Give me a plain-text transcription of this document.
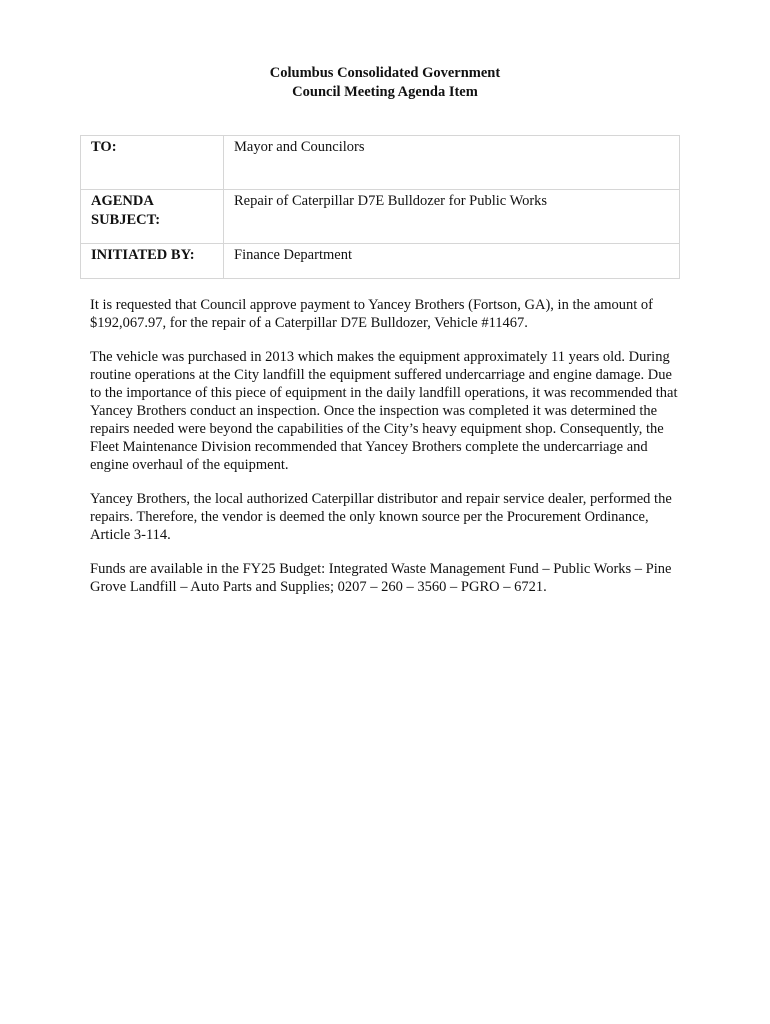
Columbus Consolidated Government
Council Meeting Agenda Item
TO:	Mayor and Councilors
AGENDA SUBJECT:	Repair of Caterpillar D7E Bulldozer for Public Works
INITIATED BY:	Finance Department

It is requested that Council approve payment to Yancey Brothers (Fortson, GA), in the amount of $192,067.97, for the repair of a Caterpillar D7E Bulldozer, Vehicle #11467.

The vehicle was purchased in 2013 which makes the equipment approximately 11 years old. During routine operations at the City landfill the equipment suffered undercarriage and engine damage. Due to the importance of this piece of equipment in the daily landfill operations, it was recommended that Yancey Brothers conduct an inspection. Once the inspection was completed it was determined the repairs needed were beyond the capabilities of the City’s heavy equipment shop. Consequently, the Fleet Maintenance Division recommended that Yancey Brothers complete the undercarriage and engine overhaul of the equipment.

Yancey Brothers, the local authorized Caterpillar distributor and repair service dealer, performed the repairs. Therefore, the vendor is deemed the only known source per the Procurement Ordinance, Article 3-114.

Funds are available in the FY25 Budget: Integrated Waste Management Fund – Public Works – Pine Grove Landfill – Auto Parts and Supplies; 0207 – 260 – 3560 – PGRO – 6721.
